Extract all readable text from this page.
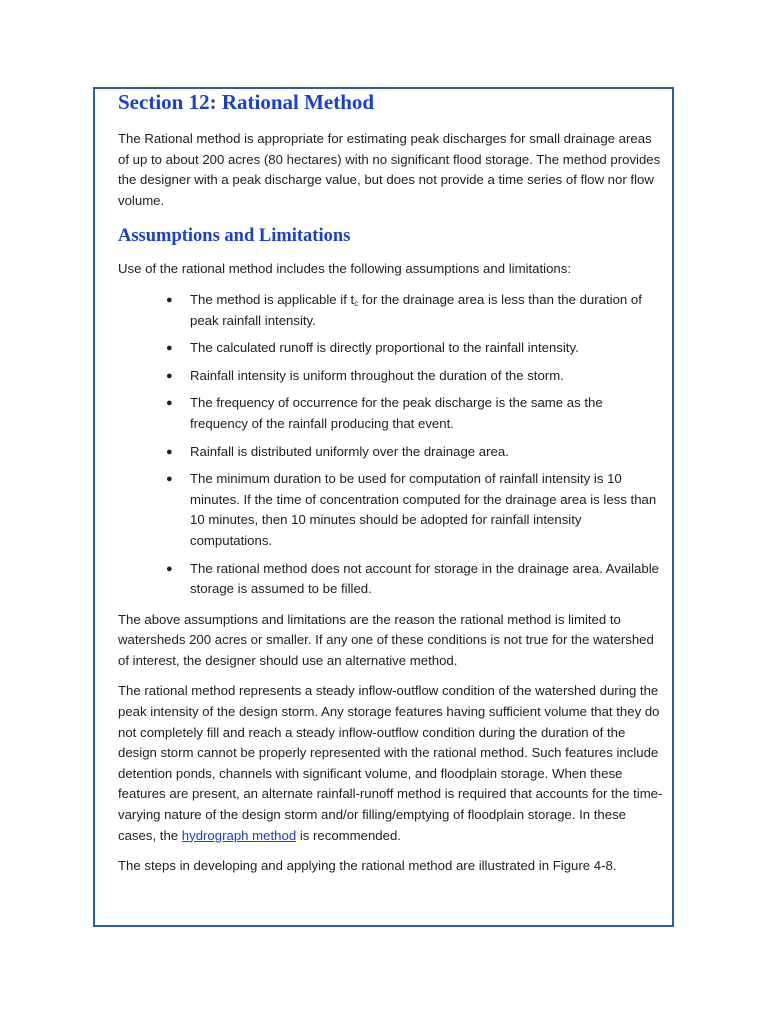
Section 12: Rational Method

The Rational method is appropriate for estimating peak discharges for small drainage areas of up to about 200 acres (80 hectares) with no significant flood storage. The method provides the designer with a peak discharge value, but does not provide a time series of flow nor flow volume.

Assumptions and Limitations

Use of the rational method includes the following assumptions and limitations:

● The method is applicable if $t_c$ for the drainage area is less than the duration of peak rainfall intensity.
● The calculated runoff is directly proportional to the rainfall intensity.
● Rainfall intensity is uniform throughout the duration of the storm.
● The frequency of occurrence for the peak discharge is the same as the frequency of the rainfall producing that event.
● Rainfall is distributed uniformly over the drainage area.
● The minimum duration to be used for computation of rainfall intensity is 10 minutes. If the time of concentration computed for the drainage area is less than 10 minutes, then 10 minutes should be adopted for rainfall intensity computations.
● The rational method does not account for storage in the drainage area. Available storage is assumed to be filled.

The above assumptions and limitations are the reason the rational method is limited to watersheds 200 acres or smaller. If any one of these conditions is not true for the watershed of interest, the designer should use an alternative method.

The rational method represents a steady inflow-outflow condition of the watershed during the peak intensity of the design storm. Any storage features having sufficient volume that they do not completely fill and reach a steady inflow-outflow condition during the duration of the design storm cannot be properly represented with the rational method. Such features include detention ponds, channels with significant volume, and floodplain storage. When these features are present, an alternate rainfall-runoff method is required that accounts for the time-varying nature of the design storm and/or filling/emptying of floodplain storage. In these cases, the hydrograph method is recommended.

The steps in developing and applying the rational method are illustrated in Figure 4-8.
